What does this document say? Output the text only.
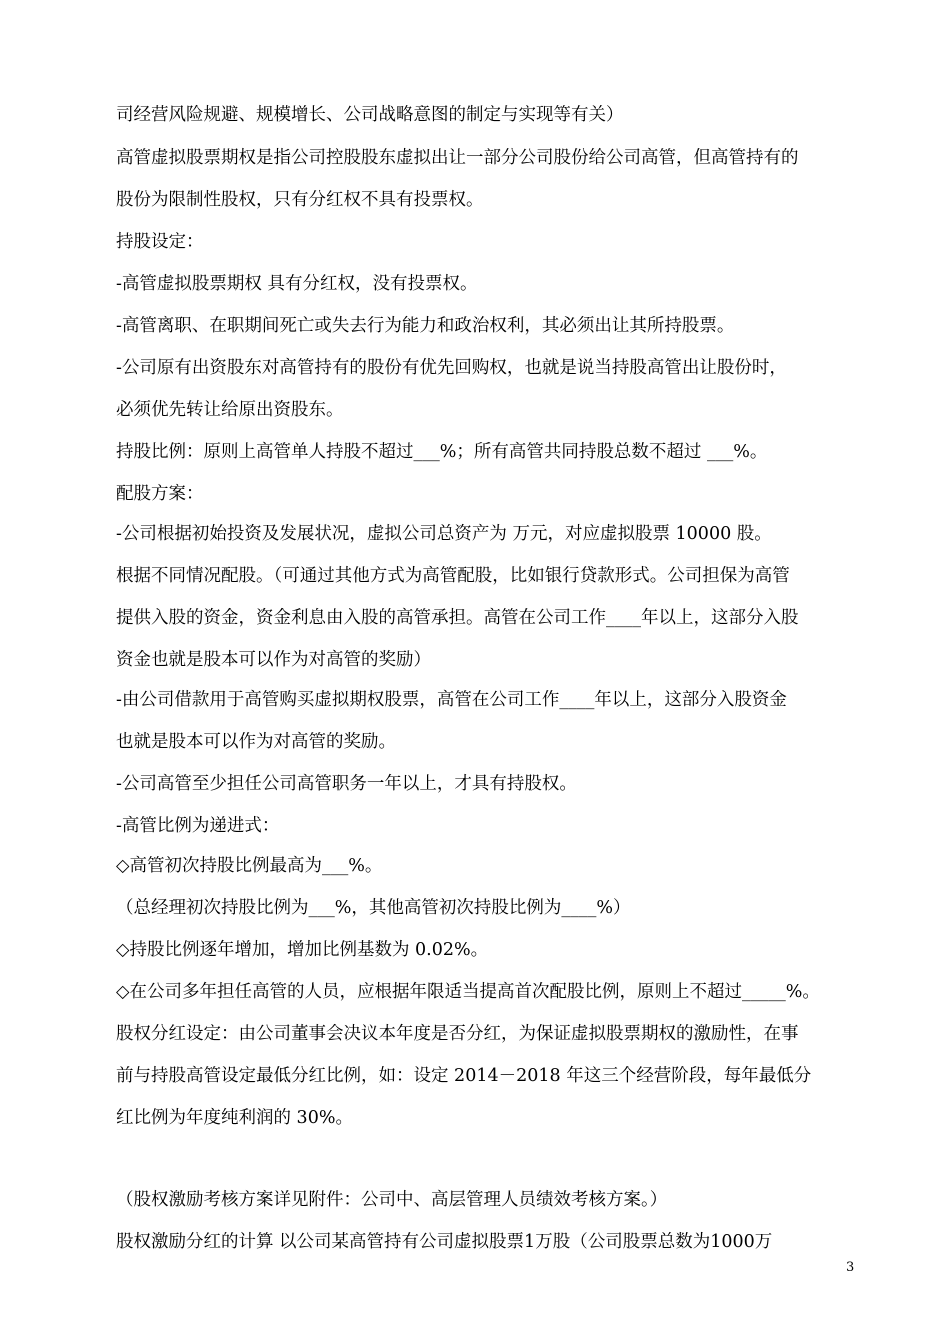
司经营风险规避、规模增长、公司战略意图的制定与实现等有关）
高管虚拟股票期权是指公司控股股东虚拟出让一部分公司股份给公司高管，但高管持有的
股份为限制性股权，只有分红权不具有投票权。
持股设定：
-高管虚拟股票期权 具有分红权，没有投票权。
-高管离职、在职期间死亡或失去行为能力和政治权利，其必须出让其所持股票。
-公司原有出资股东对高管持有的股份有优先回购权，也就是说当持股高管出让股份时，
必须优先转让给原出资股东。
持股比例：原则上高管单人持股不超过___%；所有高管共同持股总数不超过 ___%。
配股方案：
-公司根据初始投资及发展状况，虚拟公司总资产为 万元，对应虚拟股票 10000 股。
根据不同情况配股。（可通过其他方式为高管配股，比如银行贷款形式。公司担保为高管
提供入股的资金，资金利息由入股的高管承担。高管在公司工作____年以上，这部分入股
资金也就是股本可以作为对高管的奖励）
-由公司借款用于高管购买虚拟期权股票，高管在公司工作____年以上，这部分入股资金
也就是股本可以作为对高管的奖励。
-公司高管至少担任公司高管职务一年以上，才具有持股权。
-高管比例为递进式：
◇高管初次持股比例最高为___%。
（总经理初次持股比例为___%，其他高管初次持股比例为____%）
◇持股比例逐年增加，增加比例基数为 0.02%。
◇在公司多年担任高管的人员，应根据年限适当提高首次配股比例，原则上不超过_____%。
股权分红设定：由公司董事会决议本年度是否分红，为保证虚拟股票期权的激励性，在事
前与持股高管设定最低分红比例，如：设定 2014－2018 年这三个经营阶段，每年最低分
红比例为年度纯利润的 30%。
（股权激励考核方案详见附件：公司中、高层管理人员绩效考核方案。）
股权激励分红的计算 以公司某高管持有公司虚拟股票1万股（公司股票总数为1000万
3
